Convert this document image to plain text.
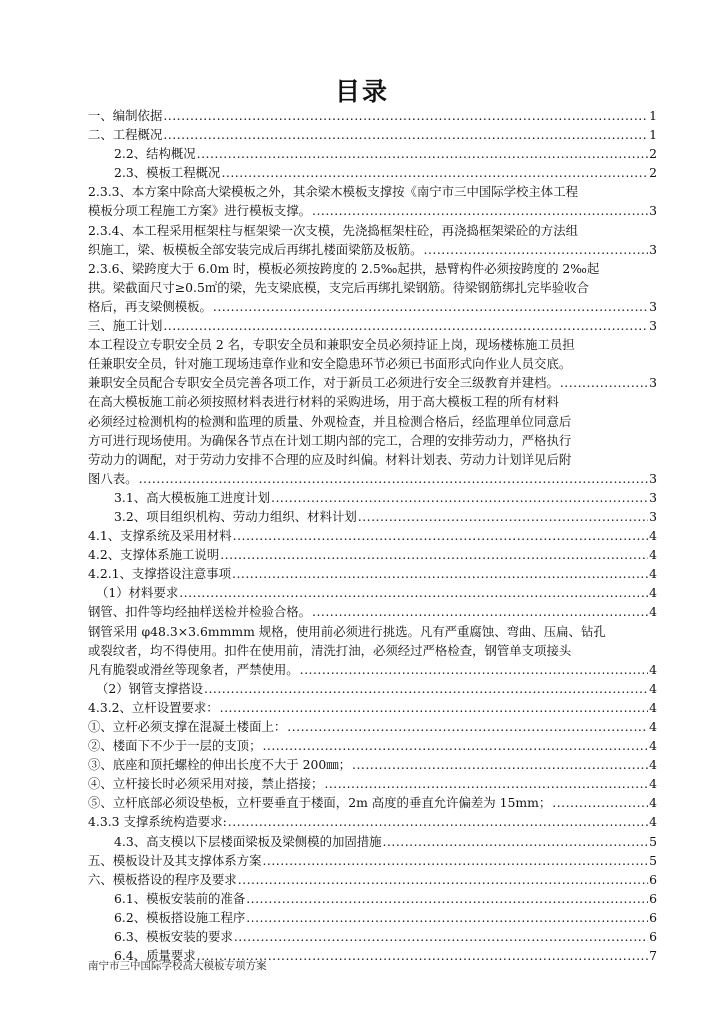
目录
一、编制依据 .....	1
二、工程概况 .....	1
2.2、结构概况 .....	2
2.3、模板工程概况 .....	2
2.3.3、本方案中除高大梁模板之外，其余梁木模板支撑按《南宁市三中国际学校主体工程
模板分项工程施工方案》进行模板支撑。 .....	3
2.3.4、本工程采用框架柱与框架梁一次支模，先浇捣框架柱砼，再浇捣框架梁砼的方法组
织施工，梁、板模板全部安装完成后再绑扎楼面梁筋及板筋。 .....	3
2.3.6、梁跨度大于 6.0m 时，模板必须按跨度的 2.5‰起拱，悬臂构件必须按跨度的 2‰起
拱。梁截面尺寸≥0.5㎡的梁，先支梁底模，支完后再绑扎梁钢筋。待梁钢筋绑扎完毕验收合
格后，再支梁侧模板。 .....	3
三、施工计划 .....	3
本工程设立专职安全员 2 名，专职安全员和兼职安全员必须持证上岗，现场楼栋施工员担
任兼职安全员，针对施工现场违章作业和安全隐患环节必须已书面形式向作业人员交底。
兼职安全员配合专职安全员完善各项工作，对于新员工必须进行安全三级教育并建档。 .....	3
在高大模板施工前必须按照材料表进行材料的采购进场，用于高大模板工程的所有材料
必须经过检测机构的检测和监理的质量、外观检查，并且检测合格后，经监理单位同意后
方可进行现场使用。为确保各节点在计划工期内部的完工，合理的安排劳动力，严格执行
劳动力的调配，对于劳动力安排不合理的应及时纠偏。材料计划表、劳动力计划详见后附
图八表。 .....	3
3.1、高大模板施工进度计划 .....	3
3.2、项目组织机构、劳动力组织、材料计划 .....	3
4.1、支撑系统及采用材料 .....	4
4.2、支撑体系施工说明 .....	4
4.2.1、支撑搭设注意事项 .....	4
（1）材料要求 .....	4
钢管、扣件等均经抽样送检并检验合格。 .....	4
钢管采用 φ48.3×3.6mmmm 规格，使用前必须进行挑选。凡有严重腐蚀、弯曲、压扁、钻孔
或裂纹者，均不得使用。扣件在使用前，清洗打油，必须经过严格检查，钢管单支项接头
凡有脆裂或滑丝等现象者，严禁使用。 .....	4
（2）钢管支撑搭设 .....	4
4.3.2、立杆设置要求： .....	4
①、立杆必须支撑在混凝土楼面上： .....	4
②、楼面下不少于一层的支顶； .....	4
③、底座和顶托螺栓的伸出长度不大于 200㎜； .....	4
④、立杆接长时必须采用对接，禁止搭接； .....	4
⑤、立杆底部必须设垫板，立杆要垂直于楼面，2m 高度的垂直允许偏差为 15mm； .....	4
4.3.3 支撑系统构造要求: .....	4
4.3、高支模以下层楼面梁板及梁侧模的加固措施 .....	5
五、模板设计及其支撑体系方案 .....	5
六、模板搭设的程序及要求 .....	6
6.1、模板安装前的准备 .....	6
6.2、模板搭设施工程序 .....	6
6.3、模板安装的要求 .....	6
6.4、质量要求 .....	7
南宁市三中国际学校高大模板专项方案
